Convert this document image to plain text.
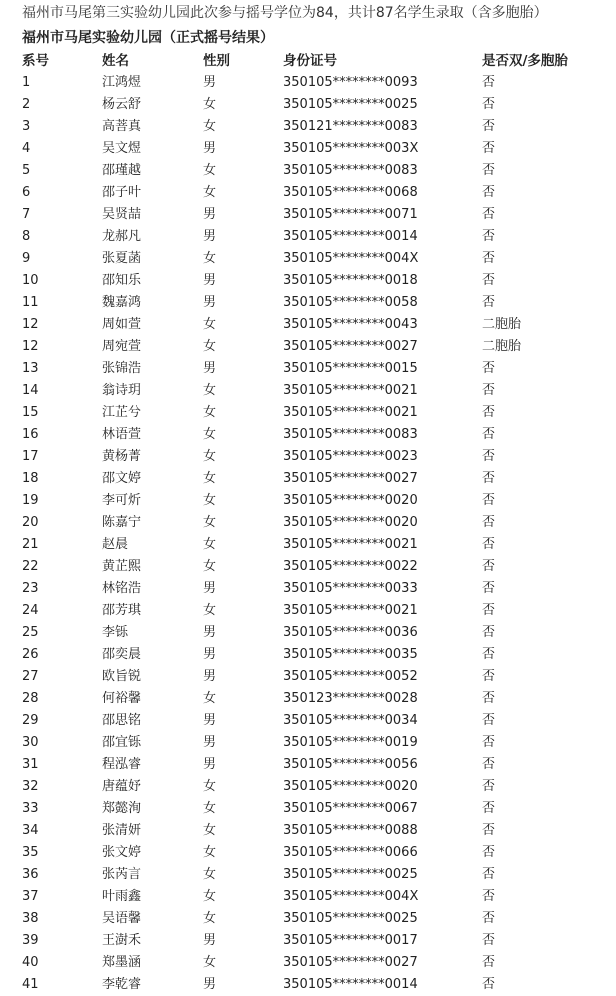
福州市马尾第三实验幼儿园此次参与摇号学位为84，共计87名学生录取（含多胞胎）
福州市马尾实验幼儿园（正式摇号结果）
系号	姓名	性别	身份证号	是否双/多胞胎
1	江鸿煜	男	350105********0093	否
2	杨云舒	女	350105********0025	否
3	高菩真	女	350121********0083	否
4	吴文煜	男	350105********003X	否
5	邵瑾越	女	350105********0083	否
6	邵子叶	女	350105********0068	否
7	吴贤喆	男	350105********0071	否
8	龙郝凡	男	350105********0014	否
9	张夏菡	女	350105********004X	否
10	邵知乐	男	350105********0018	否
11	魏嘉鸿	男	350105********0058	否
12	周如萱	女	350105********0043	二胞胎
12	周宛萱	女	350105********0027	二胞胎
13	张锦浩	男	350105********0015	否
14	翁诗玥	女	350105********0021	否
15	江芷兮	女	350105********0021	否
16	林语萱	女	350105********0083	否
17	黄杨菁	女	350105********0023	否
18	邵文婷	女	350105********0027	否
19	李可炘	女	350105********0020	否
20	陈嘉宁	女	350105********0020	否
21	赵晨	女	350105********0021	否
22	黄芷熙	女	350105********0022	否
23	林铭浩	男	350105********0033	否
24	邵芳琪	女	350105********0021	否
25	李铄	男	350105********0036	否
26	邵奕晨	男	350105********0035	否
27	欧旨锐	男	350105********0052	否
28	何裕馨	女	350123********0028	否
29	邵思铭	男	350105********0034	否
30	邵宜铄	男	350105********0019	否
31	程泓睿	男	350105********0056	否
32	唐蕴妤	女	350105********0020	否
33	郑懿洵	女	350105********0067	否
34	张清妍	女	350105********0088	否
35	张文婷	女	350105********0066	否
36	张芮言	女	350105********0025	否
37	叶雨鑫	女	350105********004X	否
38	吴语馨	女	350105********0025	否
39	王澍禾	男	350105********0017	否
40	郑墨涵	女	350105********0027	否
41	李乾睿	男	350105********0014	否
